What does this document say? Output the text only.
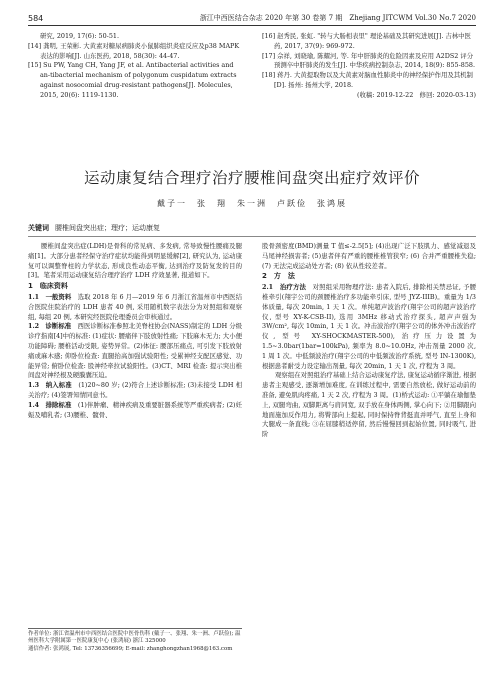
584	浙江中西医结合杂志 2020 年第 30 卷第 7 期　Zhejiang JITCWM Vol.30 No.7 2020

研究, 2019, 17(6): 50-51.

[14] 龚明, 王荣彬. 大黄素对糖尿病肺炎小鼠肺组织炎症反应及p38 MAPK 表达的影响[J]. 山东医药, 2018, 58(30): 44-47.

[15] Su PW, Yang CH, Yang JF, et al. Antibacterial activities and an-tibacterial mechanism of polygonum cuspidatum extracts against nosocomial drug-resistant pathogens[J]. Molecules, 2015, 20(6): 1119-1130.

[16] 赵秀民, 张虹. "转与大肠相表里" 理论基础及其研究进展[J]. 吉林中医药, 2017, 37(9): 969-972.

[17] 佘祥, 刘晓瑜, 陈耀河, 等. 年中肝肺炎的危险因素及应用 A2DS2 评分预测卒中肝肺炎的发生[J]. 中华疾病控制杂志, 2014, 18(9): 855-858.

[18] 蒋丹. 大黄提取物以及大黄素对脑血性肺炎中的神经保护作用及其机制[D]. 扬州: 扬州大学, 2018.

(收稿: 2019-12-22　修回: 2020-03-13)
运动康复结合理疗治疗腰椎间盘突出症疗效评价
戴子一　张　翔　朱一洲　卢跃俭　张鸿展
关键词 腰椎间盘突出症；理疗；运动康复

腰椎间盘突出症(LDH)是骨科的常见病、多发病, 常导致慢性腰痛及腿痛[1]。大部分患者经保守治疗症状均能得到明显缓解[2], 研究认为, 运动康复可以调整脊柱的力学状态, 形成良性动态平衡, 达到治疗及防复发的目的[3]。笔者采用运动康复结合理疗治疗 LDH 疗效显著, 报道如下。

1　临床资料

1.1　一般资料　 选取 2018 年 6 月—2019 年 6 月浙江省温州市中西医结合医院住院治疗的 LDH 患者 40 例, 采用随机数字表法分为对照组和观察组, 每组 20 例, 本研究经医院伦理委员会审核通过。

1.2　诊断标准　 西医诊断标准参照北美脊柱协会(NASS)制定的 LDH 分级诊疗指南[4]中的标准: (1)症状: 腰痛伴下肢放射性痛; 下肢麻木无力; 大小便功能障碍; 腰椎活动受限, 姿势异常。(2)体征: 腰部压痛点, 可引发下肢放射痛或麻木感; 仰卧位检查: 直腿抬高加强试验阳性; 受累神经支配区感觉、功能异常; 俯卧位检查: 股神经牵拉试验阳性。(3)CT、MRI 检查: 提示突出椎间盘对神经根及硬膜囊压迫。

1.3　纳入标准　 (1)20~80 岁; (2)符合上述诊断标准; (3)未接受 LDH 相关治疗; (4)签署知情同意书。

1.4　排除标准　 (1)伴肿瘤、精神疾病及重要脏器系统等严重疾病者; (2)妊娠及哺乳者; (3)腰椎、髋骨、

作者单位: 浙江省温州市中西医结合医院中医骨伤科 (戴子一、张翔、朱一洲、卢跃俭); 温州医科大学附属第一医院康复中心 (张鸿展) 浙江 325000

通信作者: 张鸿展, Tel: 13736356699; E-mail: zhanghongzhan1968@163.com

股骨颈密度(BMD)测量 T 值≤-2.5[5]; (4)出现广泛下肢肌力、感觉减退及马尾神经损害者; (5)患者伴有严重的腰椎椎管狭窄; (6) 合并严重腰椎失稳; (7) 无法完成运动处方者; (8) 依从性较差者。

2　方　法

2.1　治疗方法　 对照组采用物理疗法: 患者入院后, 排除相关禁忌证, 予腰椎牵引(翔宇公司的颈腰椎治疗多功能牵引床, 型号 JYZ-IIIB)。重量为 1/3 体质量, 每次 20min, 1 天 1 次。单纯超声波治疗(翔宇公司的超声波治疗仪, 型号 XY-K-CSB-II), 选用 3MHz 移动式治疗探头, 超声声强为 3W/cm², 每次 10min, 1 天 1 次。冲击波治疗(翔宇公司的体外冲击波治疗仪, 型号 XY-SHOCKMASTER-500), 治疗压力设置为 1.5~3.0bar(1bar=100kPa), 频率为 8.0~10.0Hz, 冲击剂量 2000 次, 1 周 1 次。中低频波治疗(翔宇公司的中低频波治疗系统, 型号 IN-1300K), 根据患者耐受力设定输出剂量, 每次 20min, 1 天 1 次, 疗程为 3 周。

观察组在对照组治疗基础上结合运动康复疗法, 康复运动循序渐进, 根据患者主观感受, 逐渐增加难度, 在训练过程中, 需要自然放松, 做好运动前的准备, 避免肌肉疼痛, 1 天 2 次, 疗程为 3 周。(1)桥式运动: ①平躺在瑜伽垫上, 双腿弯曲, 双脚距离与肩同宽, 双手放在身体两侧, 掌心向下; ②用脚跟向地面施加反作用力, 将臀部向上提起, 同时保持脊背挺直并呼气, 直至上身和大腿成一条直线; ③在屈膝稍适停留, 然后慢慢回到起始位置, 同时吸气, 进阶
